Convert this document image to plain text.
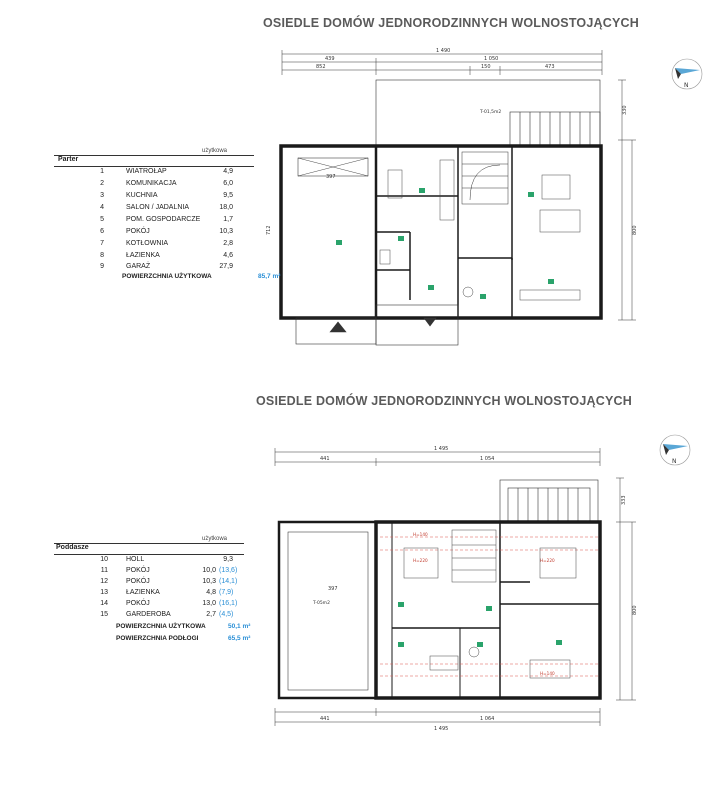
OSIEDLE DOMÓW JEDNORODZINNYCH WOLNOSTOJĄCYCH
OSIEDLE DOMÓW JEDNORODZINNYCH WOLNOSTOJĄCYCH
1 490
1 050
439
852	150	473
330
800
712
N
T-01,5m2
397
1 495
441	1 054
441	1 064
1 495
333
800
N
T-05m2
397
H=140
H=220
H=140
H=220
użytkowa
Parter
1	WIATROŁAP	4,9
2	KOMUNIKACJA	6,0
3	KUCHNIA	9,5
4	SALON / JADALNIA	18,0
5	POM. GOSPODARCZE	1,7
6	POKÓJ	10,3
7	KOTŁOWNIA	2,8
8	ŁAZIENKA	4,6
9	GARAŻ	27,9
POWIERZCHNIA UŻYTKOWA	85,7 m²
użytkowa
Poddasze
10	HOLL	9,3
11	POKÓJ	10,0 (13,6)
12	POKÓJ	10,3 (14,1)
13	ŁAZIENKA	4,8 (7,9)
14	POKÓJ	13,0 (16,1)
15	GARDEROBA	2,7 (4,5)
POWIERZCHNIA UŻYTKOWA	50,1 m²
POWIERZCHNIA PODŁOGI	65,5 m²
